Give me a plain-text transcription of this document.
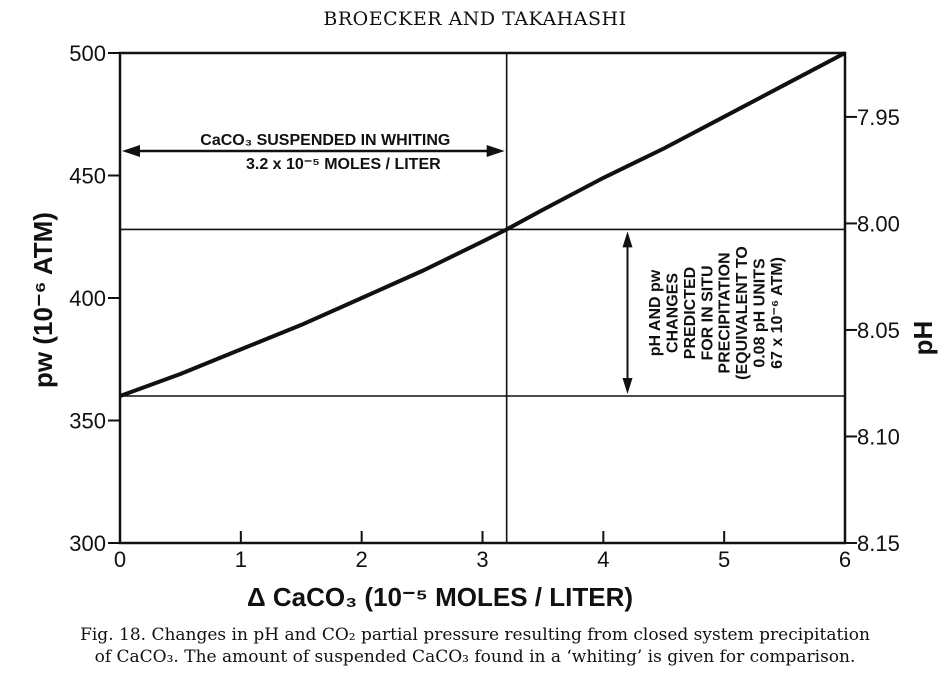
BROECKER AND TAKAHASHI
0	1	2	3	4	5	6
300
350
400
450
500
7.95
8.00
8.05
8.10
8.15
CaCO₃ SUSPENDED IN WHITING
3.2 x 10⁻⁵ MOLES / LITER
pH AND pw CHANGES PREDICTED FOR IN SITU PRECIPITATION (EQUIVALENT TO 0.08 pH UNITS 67 x 10⁻⁶ ATM)
Δ CaCO₃ (10⁻⁵ MOLES / LITER)
pw (10⁻⁶ ATM)	pH
Fig. 18. Changes in pH and CO₂ partial pressure resulting from closed system precipitation
of CaCO₃. The amount of suspended CaCO₃ found in a ‘whiting’ is given for comparison.
